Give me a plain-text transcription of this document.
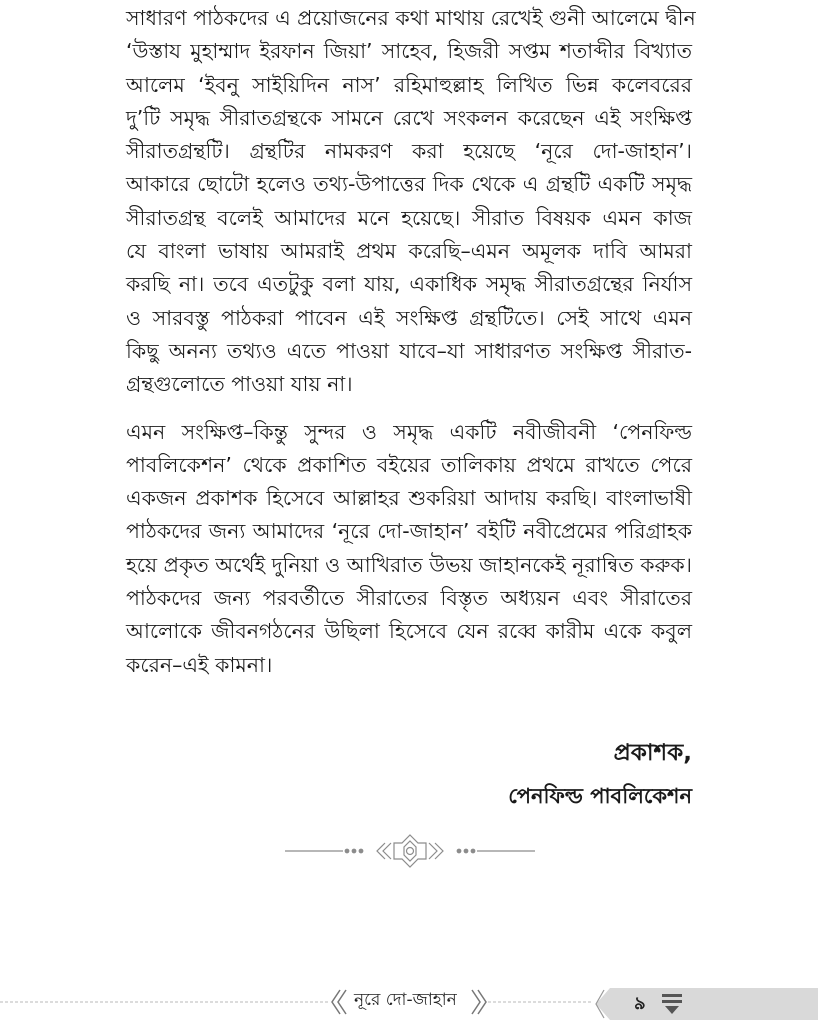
সাধারণ পাঠকদের এ প্রয়োজনের কথা মাথায় রেখেই গুনী আলেমে দ্বীন
‘উস্তায মুহাম্মাদ ইরফান জিয়া’ সাহেব, হিজরী সপ্তম শতাব্দীর বিখ্যাত
আলেম ‘ইবনু সাইয়িদিন নাস’ রহিমাহুল্লাহ লিখিত ভিন্ন কলেবরের
দু’টি সমৃদ্ধ সীরাতগ্রন্থকে সামনে রেখে সংকলন করেছেন এই সংক্ষিপ্ত
সীরাতগ্রন্থটি। গ্রন্থটির নামকরণ করা হয়েছে ‘নূরে দো-জাহান’।
আকারে ছোটো হলেও তথ্য-উপাত্তের দিক থেকে এ গ্রন্থটি একটি সমৃদ্ধ
সীরাতগ্রন্থ বলেই আমাদের মনে হয়েছে। সীরাত বিষয়ক এমন কাজ
যে বাংলা ভাষায় আমরাই প্রথম করেছি–এমন অমূলক দাবি আমরা
করছি না। তবে এতটুকু বলা যায়, একাধিক সমৃদ্ধ সীরাতগ্রন্থের নির্যাস
ও সারবস্তু পাঠকরা পাবেন এই সংক্ষিপ্ত গ্রন্থটিতে। সেই সাথে এমন
কিছু অনন্য তথ্যও এতে পাওয়া যাবে–যা সাধারণত সংক্ষিপ্ত সীরাত-
গ্রন্থগুলোতে পাওয়া যায় না।

এমন সংক্ষিপ্ত–কিন্তু সুন্দর ও সমৃদ্ধ একটি নবীজীবনী ‘পেনফিল্ড
পাবলিকেশন’ থেকে প্রকাশিত বইয়ের তালিকায় প্রথমে রাখতে পেরে
একজন প্রকাশক হিসেবে আল্লাহর শুকরিয়া আদায় করছি। বাংলাভাষী
পাঠকদের জন্য আমাদের ‘নূরে দো-জাহান’ বইটি নবীপ্রেমের পরিগ্রাহক
হয়ে প্রকৃত অর্থেই দুনিয়া ও আখিরাত উভয় জাহানকেই নূরান্বিত করুক।
পাঠকদের জন্য পরবর্তীতে সীরাতের বিস্তৃত অধ্যয়ন এবং সীরাতের
আলোকে জীবনগঠনের উছিলা হিসেবে যেন রব্বে কারীম একে কবুল
করেন–এই কামনা।

প্রকাশক,
পেনফিল্ড পাবলিকেশন
নূরে দো-জাহান	৯
